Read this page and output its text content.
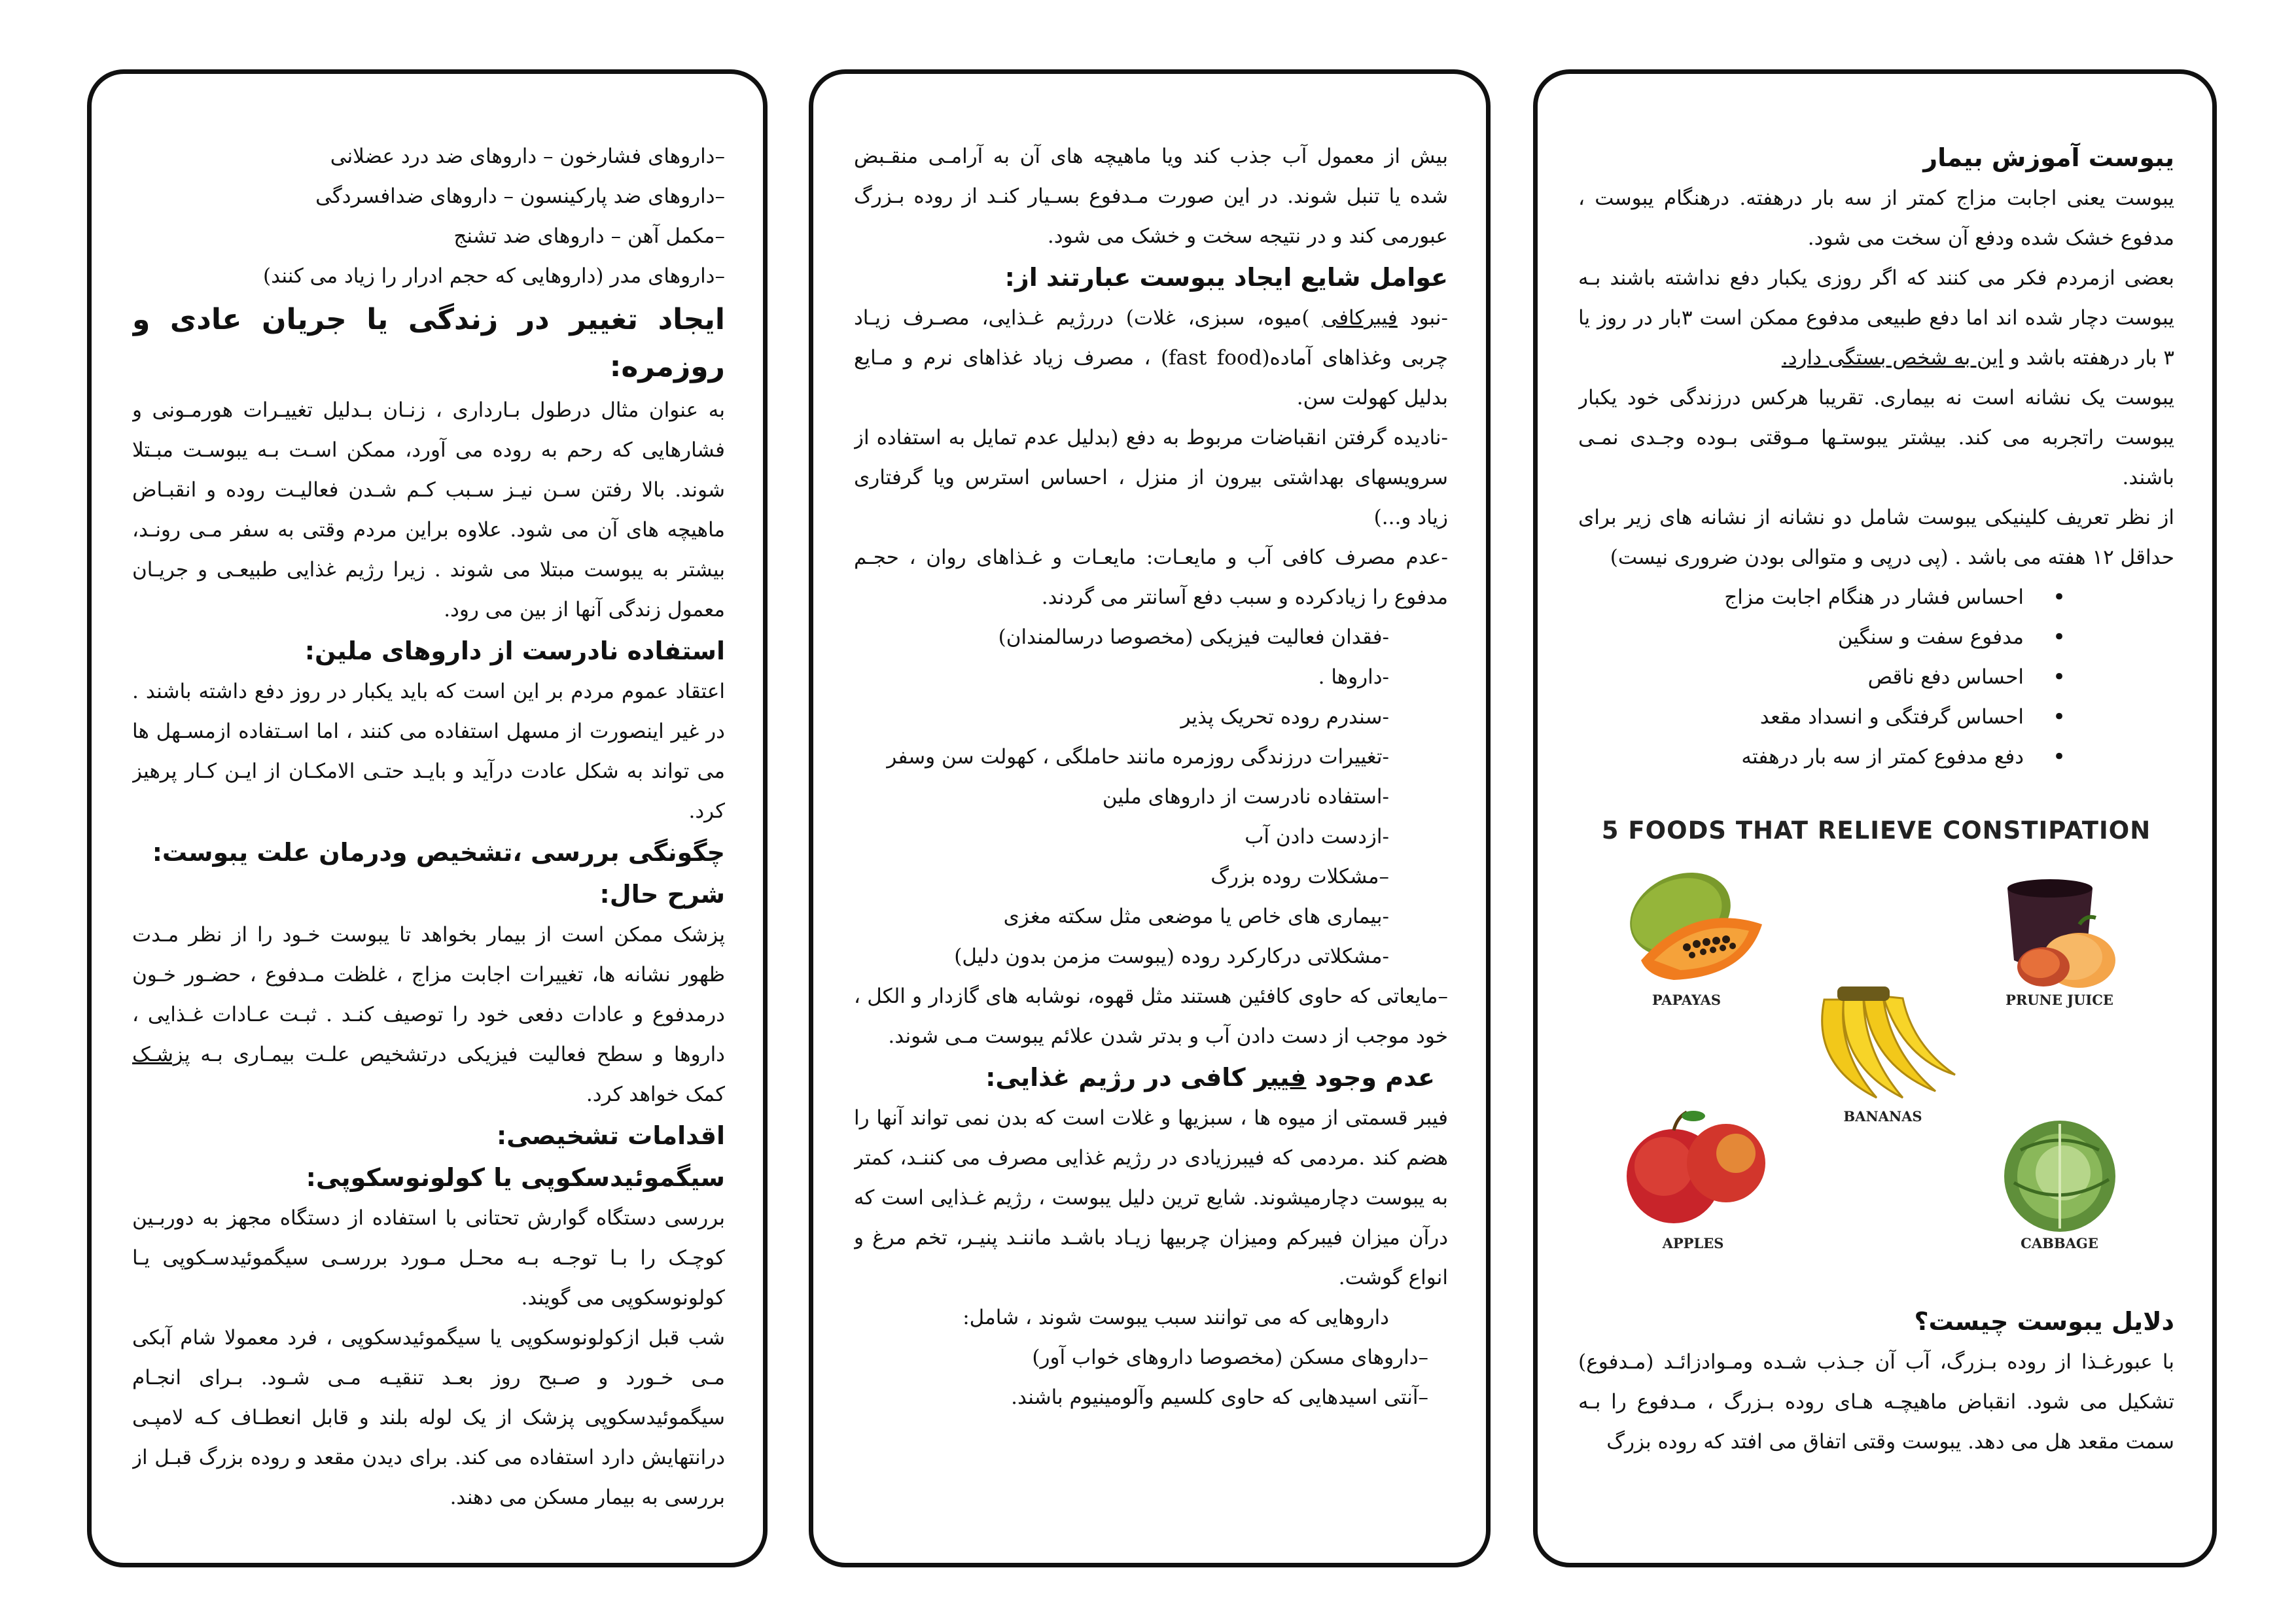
یبوست آموزش بیمار

یبوست یعنی اجابت مزاج کمتر از سه بار درهفته. درهنگام یبوست ، مدفوع خشک شده ودفع آن سخت می شود.

بعضی ازمردم فکر می کنند که اگر روزی یکبار دفع نداشته باشند بـه یبوست دچار شده اند اما دفع طبیعی مدفوع ممکن است ۳بار در روز یا ۳ بار درهفته باشد و این به شخص بستگی دارد.

یبوست یک نشانه است نه بیماری. تقریبا هرکس درزندگی خود یکبار یبوست راتجربه می کند. بیشتر یبوستـها مـوقتی بـوده وجـدی نمـی باشند.

از نظر تعریف کلینیکی یبوست شامل دو نشانه از نشانه های زیر برای حداقل ۱۲ هفته می باشد . (پی درپی و متوالی بودن ضروری نیست)

• احساس فشار در هنگام اجابت مزاج
• مدفوع سفت و سنگین
• احساس دفع ناقص
• احساس گرفتگی و انسداد مقعد
• دفع مدفوع کمتر از سه بار درهفته
5 FOODS THAT RELIEVE CONSTIPATION
PAPAYAS	PRUNE JUICE
BANANAS
APPLES	CABBAGE

دلایل یبوست چیست؟

با عبورغـذا از روده بـزرگ، آب آن جـذب شـده ومـوادزائـد (مـدفوع) تشکیل می شود. انقباض ماهیچـه هـای روده بـزرگ ، مـدفوع را بـه سمت مقعد هل می دهد. یبوست وقتی اتفاق می افتد که روده بزرگ

بیش از معمول آب جذب کند ویا ماهیچه های آن به آرامـی منقـبض شده یا تنبل شوند. در این صورت مـدفوع بسـیار کنـد از روده بـزرگ عبورمی کند و در نتیجه سخت و خشک می شود.

عوامل شایع ایجاد یبوست عبارتند از:

-نبود فیبرکافی )میوه، سبزی، غلات) دررژیم غـذایی، مصـرف زیـاد چربی وغذاهای آماده(fast food) ، مصرف زیاد غذاهای نرم و مـایع بدلیل کهولت سن.

-نادیده گرفتن انقباضات مربوط به دفع (بدلیل عدم تمایل به استفاده از سرویسهای بهداشتی بیرون از منزل ، احساس استرس ویا گرفتاری زیاد و...)

-عدم مصرف کافی آب و مایعـات: مایعـات و غـذاهای روان ، حجـم مدفوع را زیادکرده و سبب دفع آسانتر می گردند.

-فقدان فعالیت فیزیکی (مخصوصا درسالمندان)

-داروها .

-سندرم روده تحریک پذیر

-تغییرات درزندگی روزمره مانند حاملگی ، کهولت سن وسفر

-استفاده نادرست از داروهای ملین

-ازدست دادن آب

–مشکلات روده بزرگ

-بیماری های خاص یا موضعی مثل سکته مغزی

-مشکلاتی درکارکرد روده (یبوست مزمن بدون دلیل)

–مایعاتی که حاوی کافئین هستند مثل قهوه، نوشابه های گازدار و الکل ، خود موجب از دست دادن آب و بدتر شدن علائم یبوست مـی شوند.

عدم وجود فیبر کافی در رژیم غذایی:

فیبر قسمتی از میوه ها ، سبزیها و غلات است که بدن نمی تواند آنها را هضم کند .مردمی که فیبرزیادی در رژیم غذایی مصرف می کننـد، کمتر به یبوست دچارمیشوند. شایع ترین دلیل یبوست ، رژیم غـذایی است که درآن میزان فیبرکم ومیزان چربیها زیـاد باشـد ماننـد پنیـر، تخم مرغ و انواع گوشت.

داروهایی که می توانند سبب یبوست شوند ، شامل:

–داروهای مسکن (مخصوصا داروهای خواب آور)

–آنتی اسیدهایی که حاوی کلسیم وآلومینیوم باشند.

–داروهای فشارخون – داروهای ضد درد عضلانی

–داروهای ضد پارکینسون – داروهای ضدافسردگی

–مکمل آهن – داروهای ضد تشنج

–داروهای مدر (داروهایی که حجم ادرار را زیاد می کنند)

ایجاد تغییر در زندگی یا جریان عادی و روزمره:

به عنوان مثال درطول بـارداری ، زنـان بـدلیل تغییـرات هورمـونی و فشارهایی که رحم به روده می آورد، ممکن اسـت بـه یبوسـت مبـتلا شوند. بالا رفتن سـن نیـز سـبب کـم شـدن فعالیـت روده و انقبـاض ماهیچه های آن می شود. علاوه براین مردم وقتی به سفر مـی رونـد، بیشتر به یبوست مبتلا می شوند . زیرا رژیم غذایی طبیعـی و جریـان معمول زندگی آنها از بین می رود.

استفاده نادرست از داروهای ملین:

اعتقاد عموم مردم بر این است که باید یکبار در روز دفع داشته باشند . در غیر اینصورت از مسهل استفاده می کنند ، اما اسـتفاده ازمسـهل ها می تواند به شکل عادت درآید و بایـد حتـی الامکـان از ایـن کـار پرهیز کرد.

چگونگی بررسی ،تشخیص ودرمان علت یبوست:

شرح حال:

پزشک ممکن است از بیمار بخواهد تا یبوست خـود را از نظر مـدت ظهور نشانه ها، تغییرات اجابت مزاج ، غلظت مـدفوع ، حضـور خـون درمدفوع و عادات دفعی خود را توصیف کنـد . ثبـت عـادات غـذایی ، داروها و سطح فعالیت فیزیکی درتشخیص علـت بیمـاری بـه پزشـک کمک خواهد کرد.

اقدامات تشخیصی:

سیگموئیدسکوپی یا کولونوسکوپی:

بررسی دستگاه گوارش تحتانی با استفاده از دستگاه مجهز به دوربـین کوچـک را بـا توجـه بـه محـل مـورد بررسـی سیگموئیدسـکوپی یـا کولونوسکوپی می گویند.

شب قبل ازکولونوسکوپی یا سیگموئیدسکوپی ، فرد معمولا شام آبکی مـی خـورد و صـبح روز بعـد تنقیـه مـی شـود. بـرای انجـام سیگموئیدسکوپی پزشک از یک لوله بلند و قابل انعطـاف کـه لامپـی درانتهایش دارد استفاده می کند. برای دیدن مقعد و روده بزرگ قبـل از بررسی به بیمار مسکن می دهند.
